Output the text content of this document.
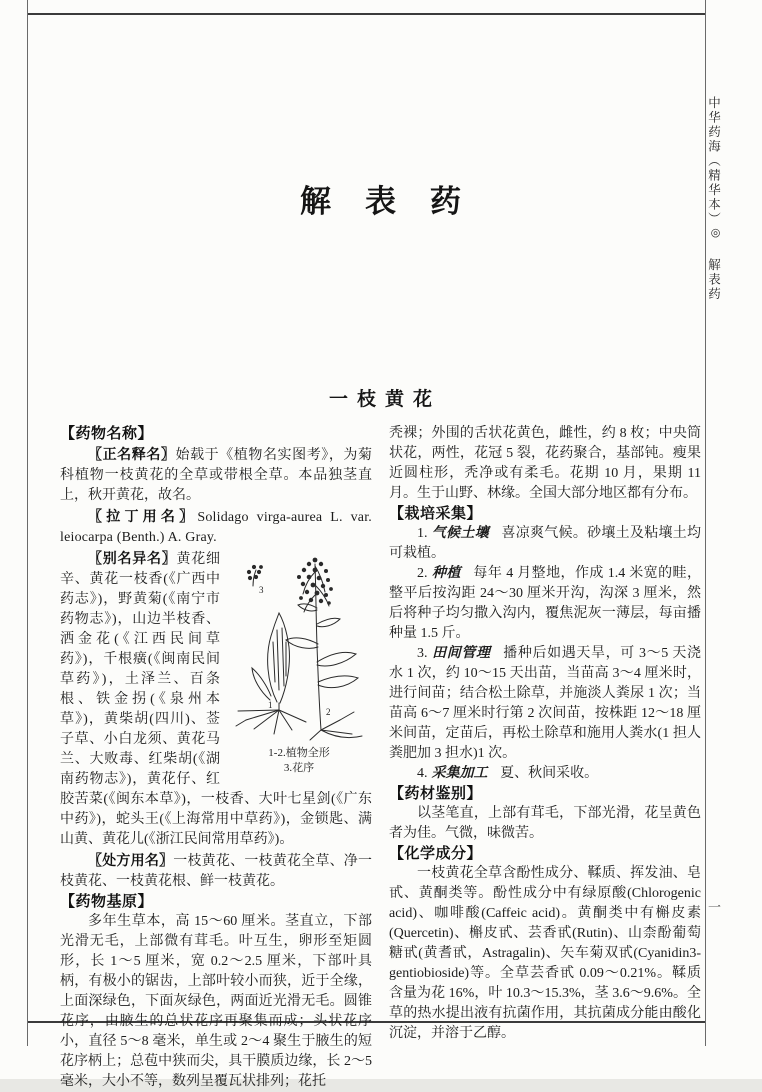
中华药海（精华本）
◎
解表药
一
解表药
一枝黄花
【药物名称】

〖正名释名〗始载于《植物名实图考》，为菊科植物一枝黄花的全草或带根全草。本品独茎直上，秋开黄花，故名。

〖拉丁用名〗Solidago virga-aurea L. var. leiocarpa (Benth.) A. Gray.

3
1
2
1-2.植物全形
3.花序
〖别名异名〗黄花细辛、黄花一枝香(《广西中药志》)，野黄菊(《南宁市药物志》)，山边半枝香、洒金花(《江西民间草药》)，千根癀(《闽南民间草药》)，土泽兰、百条根、铁金拐(《泉州本草》)，黄柴胡(四川)、莶子草、小白龙须、黄花马兰、大败毒、红柴胡(《湖南药物志》)，黄花仔、红胶苦菜(《闽东本草》)，一枝香、大叶七星剑(《广东中药》)，蛇头王(《上海常用中草药》)，金锁匙、满山黄、黄花儿(《浙江民间常用草药》)。

〖处方用名〗一枝黄花、一枝黄花全草、净一枝黄花、一枝黄花根、鲜一枝黄花。

【药物基原】

多年生草本，高 15～60 厘米。茎直立，下部光滑无毛，上部微有茸毛。叶互生，卵形至矩圆形，长 1～5 厘米，宽 0.2～2.5 厘米，下部叶具柄，有极小的锯齿，上部叶较小而狭，近于全缘，上面深绿色，下面灰绿色，两面近光滑无毛。圆锥花序，由腋生的总状花序再聚集而成；头状花序小，直径 5～8 毫米，单生或 2～4 聚生于腋生的短花序柄上；总苞中狭而尖，具干膜质边缘，长 2～5 毫米，大小不等，数列呈覆瓦状排列；花托

秃裸；外围的舌状花黄色，雌性，约 8 枚；中央筒状花，两性，花冠 5 裂，花药聚合，基部钝。瘦果近圆柱形，秃净或有柔毛。花期 10 月，果期 11 月。生于山野、林缘。全国大部分地区都有分布。

【栽培采集】

1. 气候土壤 喜凉爽气候。砂壤土及粘壤土均可栽植。

2. 种植 每年 4 月整地，作成 1.4 米宽的畦，整平后按沟距 24～30 厘米开沟，沟深 3 厘米，然后将种子均匀撒入沟内，覆焦泥灰一薄层，每亩播种量 1.5 斤。

3. 田间管理 播种后如遇天旱，可 3～5 天浇水 1 次，约 10～15 天出苗，当苗高 3～4 厘米时，进行间苗；结合松土除草，并施淡人粪尿 1 次；当苗高 6～7 厘米时行第 2 次间苗，按株距 12～18 厘米间苗，定苗后，再松土除草和施用人粪水(1 担人粪肥加 3 担水)1 次。

4. 采集加工 夏、秋间采收。

【药材鉴别】

以茎笔直，上部有茸毛，下部光滑，花呈黄色者为佳。气微，味微苦。

【化学成分】

一枝黄花全草含酚性成分、鞣质、挥发油、皂甙、黄酮类等。酚性成分中有绿原酸(Chlorogenic acid)、咖啡酸(Caffeic acid)。黄酮类中有槲皮素(Quercetin)、槲皮甙、芸香甙(Rutin)、山柰酚葡萄糖甙(黄耆甙，Astragalin)、矢车菊双甙(Cyanidin3-gentiobioside)等。全草芸香甙 0.09～0.21%。鞣质含量为花 16%，叶 10.3～15.3%，茎 3.6～9.6%。全草的热水提出液有抗菌作用，其抗菌成分能由酸化沉淀，并溶于乙醇。
